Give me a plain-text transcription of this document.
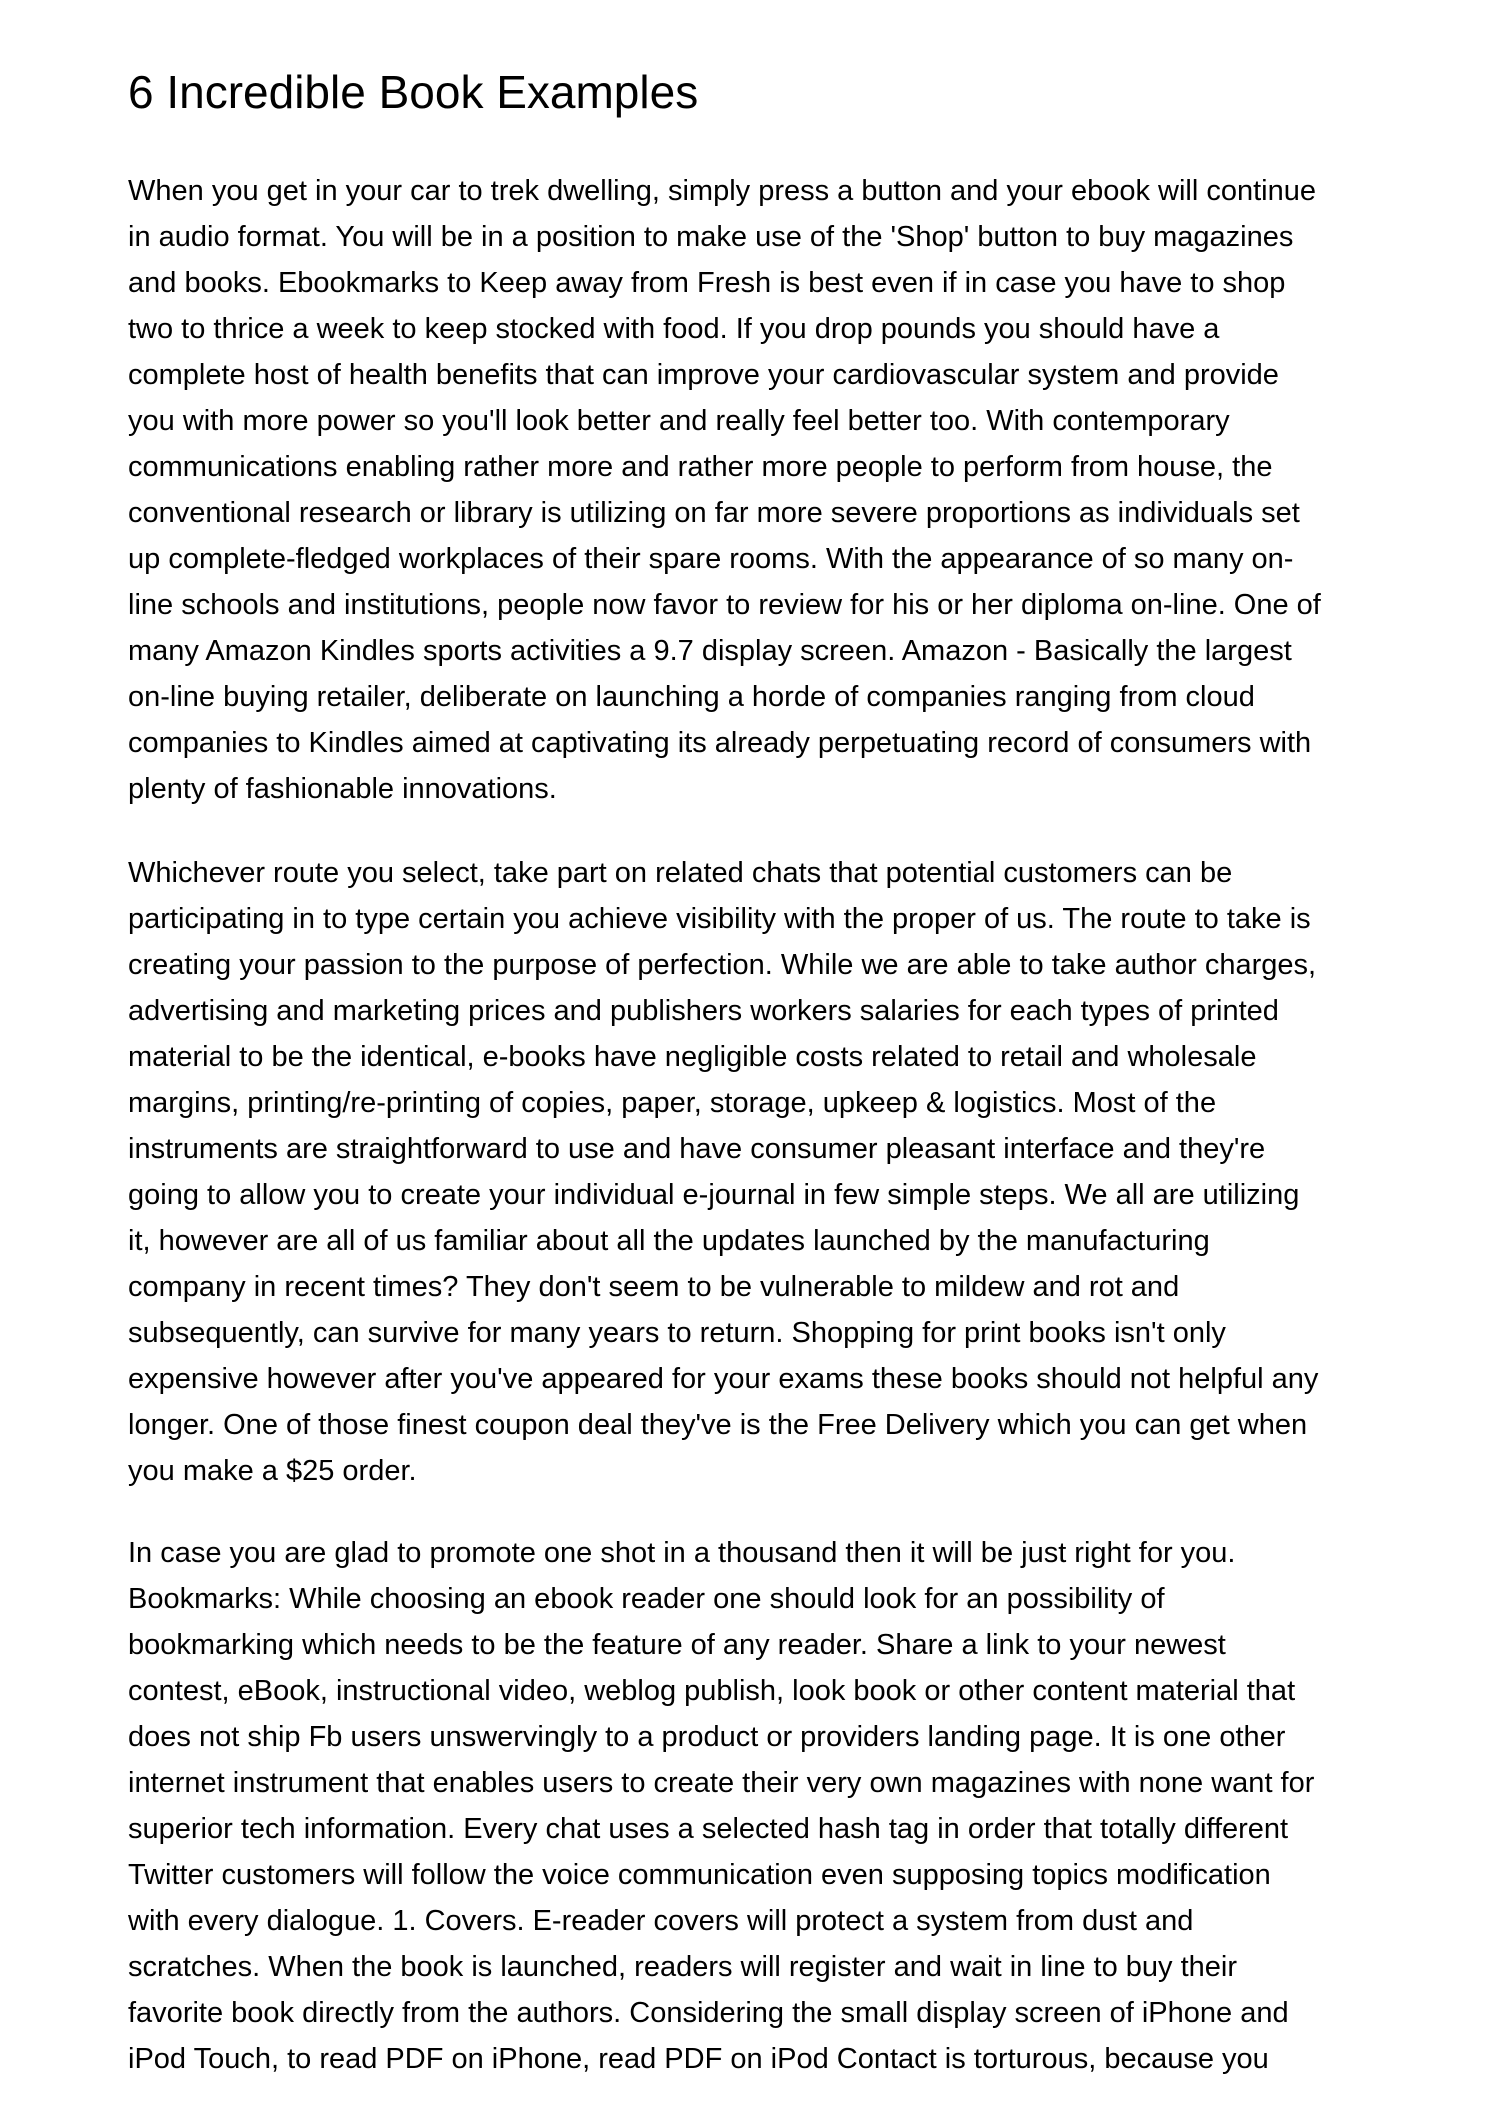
6 Incredible Book Examples

When you get in your car to trek dwelling, simply press a button and your ebook will continue
in audio format. You will be in a position to make use of the 'Shop' button to buy magazines
and books. Ebookmarks to Keep away from Fresh is best even if in case you have to shop
two to thrice a week to keep stocked with food. If you drop pounds you should have a
complete host of health benefits that can improve your cardiovascular system and provide
you with more power so you'll look better and really feel better too. With contemporary
communications enabling rather more and rather more people to perform from house, the
conventional research or library is utilizing on far more severe proportions as individuals set
up complete-fledged workplaces of their spare rooms. With the appearance of so many on-
line schools and institutions, people now favor to review for his or her diploma on-line. One of
many Amazon Kindles sports activities a 9.7 display screen. Amazon - Basically the largest
on-line buying retailer, deliberate on launching a horde of companies ranging from cloud
companies to Kindles aimed at captivating its already perpetuating record of consumers with
plenty of fashionable innovations.

Whichever route you select, take part on related chats that potential customers can be
participating in to type certain you achieve visibility with the proper of us. The route to take is
creating your passion to the purpose of perfection. While we are able to take author charges,
advertising and marketing prices and publishers workers salaries for each types of printed
material to be the identical, e-books have negligible costs related to retail and wholesale
margins, printing/re-printing of copies, paper, storage, upkeep & logistics. Most of the
instruments are straightforward to use and have consumer pleasant interface and they're
going to allow you to create your individual e-journal in few simple steps. We all are utilizing
it, however are all of us familiar about all the updates launched by the manufacturing
company in recent times? They don't seem to be vulnerable to mildew and rot and
subsequently, can survive for many years to return. Shopping for print books isn't only
expensive however after you've appeared for your exams these books should not helpful any
longer. One of those finest coupon deal they've is the Free Delivery which you can get when
you make a $25 order.

In case you are glad to promote one shot in a thousand then it will be just right for you.
Bookmarks: While choosing an ebook reader one should look for an possibility of
bookmarking which needs to be the feature of any reader. Share a link to your newest
contest, eBook, instructional video, weblog publish, look book or other content material that
does not ship Fb users unswervingly to a product or providers landing page. It is one other
internet instrument that enables users to create their very own magazines with none want for
superior tech information. Every chat uses a selected hash tag in order that totally different
Twitter customers will follow the voice communication even supposing topics modification
with every dialogue. 1. Covers. E-reader covers will protect a system from dust and
scratches. When the book is launched, readers will register and wait in line to buy their
favorite book directly from the authors. Considering the small display screen of iPhone and
iPod Touch, to read PDF on iPhone, read PDF on iPod Contact is torturous, because you
